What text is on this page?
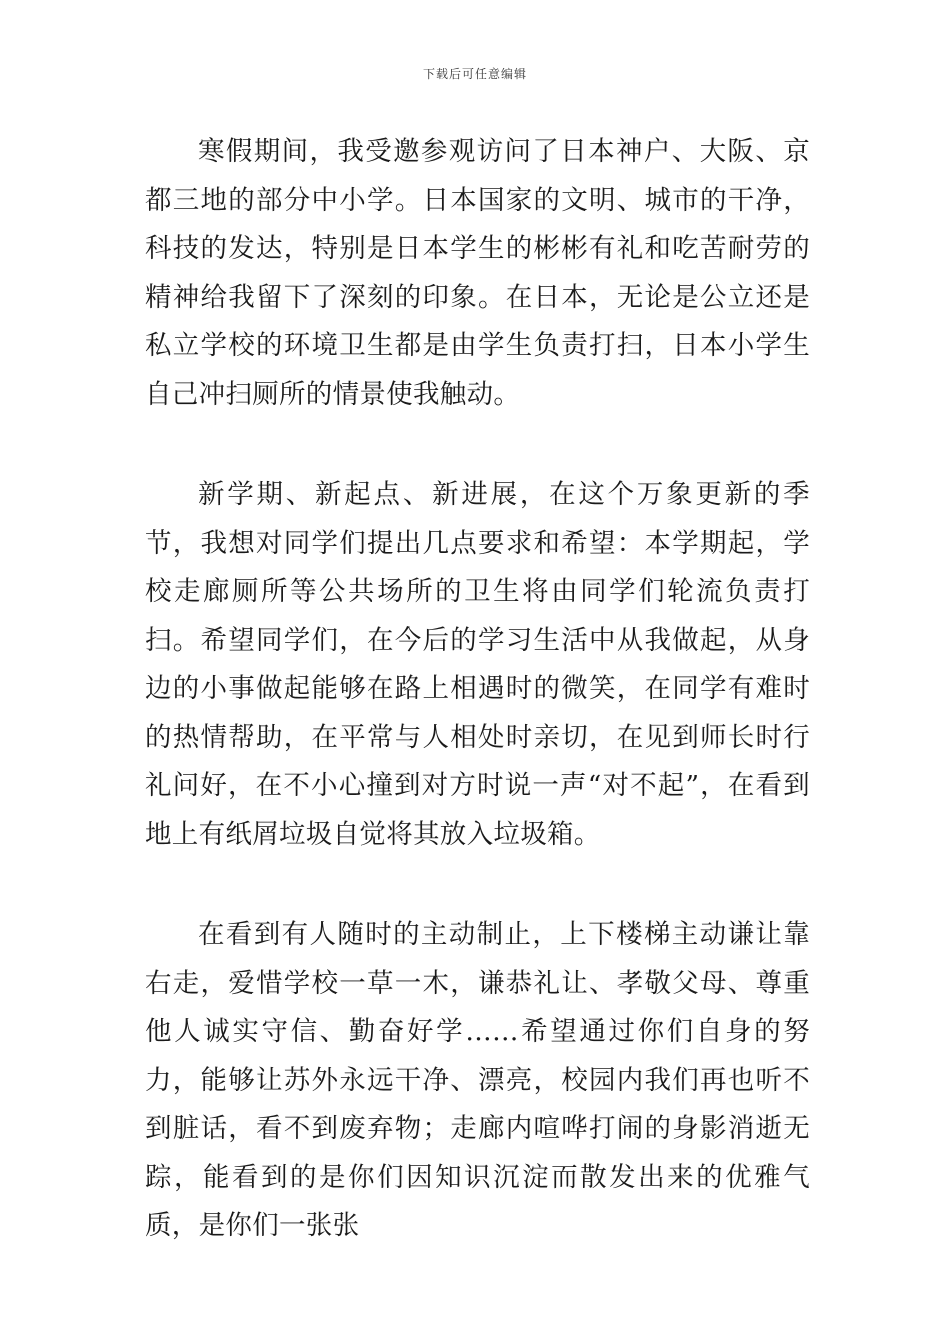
下载后可任意编辑

寒假期间，我受邀参观访问了日本神户、大阪、京都三地的部分中小学。日本国家的文明、城市的干净，科技的发达，特别是日本学生的彬彬有礼和吃苦耐劳的精神给我留下了深刻的印象。在日本，无论是公立还是私立学校的环境卫生都是由学生负责打扫，日本小学生自己冲扫厕所的情景使我触动。

新学期、新起点、新进展，在这个万象更新的季节，我想对同学们提出几点要求和希望：本学期起，学校走廊厕所等公共场所的卫生将由同学们轮流负责打扫。希望同学们，在今后的学习生活中从我做起，从身边的小事做起能够在路上相遇时的微笑，在同学有难时的热情帮助，在平常与人相处时亲切，在见到师长时行礼问好，在不小心撞到对方时说一声“对不起”，在看到地上有纸屑垃圾自觉将其放入垃圾箱。

在看到有人随时的主动制止，上下楼梯主动谦让靠右走，爱惜学校一草一木，谦恭礼让、孝敬父母、尊重他人诚实守信、勤奋好学……希望通过你们自身的努力，能够让苏外永远干净、漂亮，校园内我们再也听不到脏话，看不到废弃物；走廊内喧哗打闹的身影消逝无踪，能看到的是你们因知识沉淀而散发出来的优雅气质，是你们一张张
